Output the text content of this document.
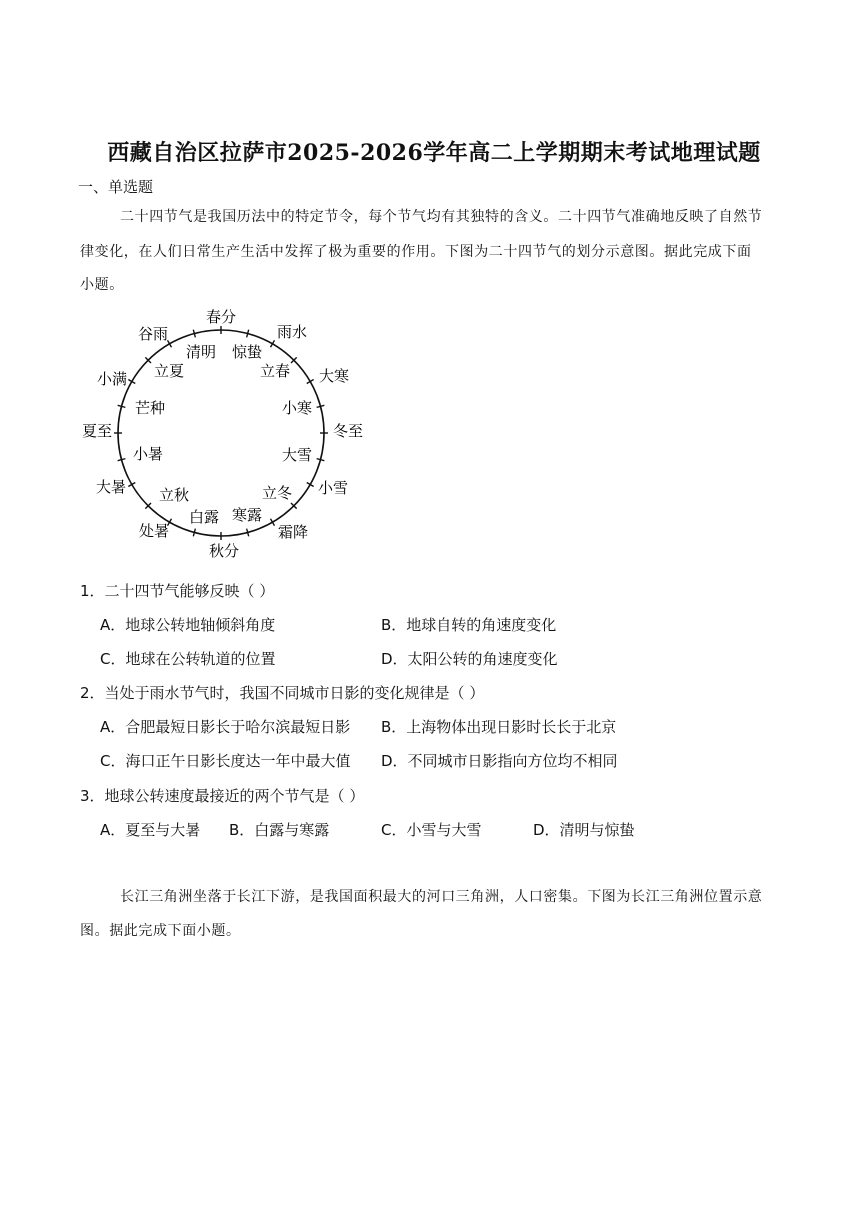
西藏自治区拉萨市2025-2026学年高二上学期期末考试地理试题
一、单选题
二十四节气是我国历法中的特定节令，每个节气均有其独特的含义。二十四节气准确地反映了自然节
律变化，在人们日常生产生活中发挥了极为重要的作用。下图为二十四节气的划分示意图。据此完成下面
小题。
春分
雨水
大寒
冬至
小雪
霜降
秋分
处暑
大暑
夏至
小满
谷雨
清明 惊蛰
立春
小寒
大雪
立冬
寒露
白露
立秋
小暑
芒种
立夏
1．二十四节气能够反映（ ）
A．地球公转地轴倾斜角度	B．地球自转的角速度变化
C．地球在公转轨道的位置	D．太阳公转的角速度变化
2．当处于雨水节气时，我国不同城市日影的变化规律是（ ）
A．合肥最短日影长于哈尔滨最短日影 B．上海物体出现日影时长长于北京
C．海口正午日影长度达一年中最大值 D．不同城市日影指向方位均不相同
3．地球公转速度最接近的两个节气是（ ）
A．夏至与大暑 B．白露与寒露	C．小雪与大雪	D．清明与惊蛰
长江三角洲坐落于长江下游，是我国面积最大的河口三角洲，人口密集。下图为长江三角洲位置示意
图。据此完成下面小题。
